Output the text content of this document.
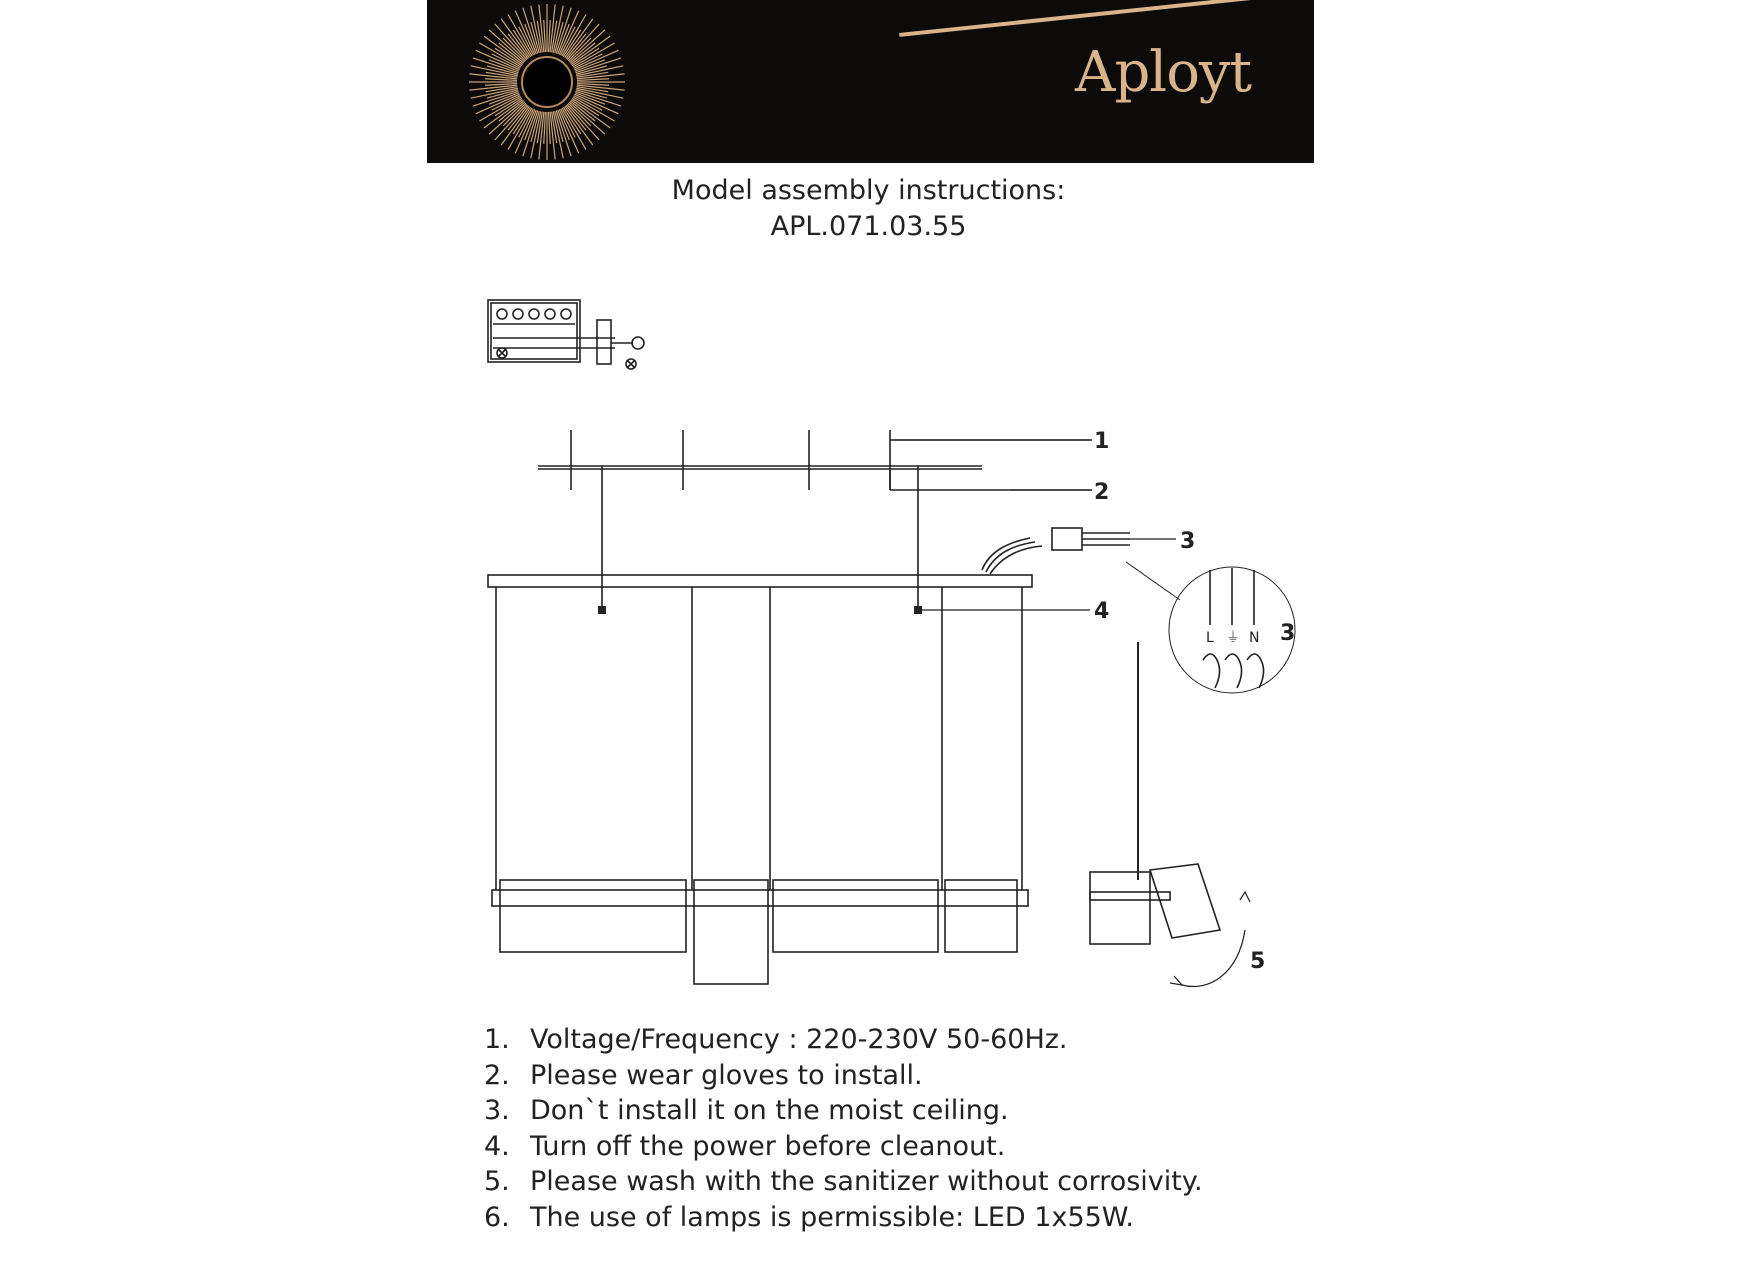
Aployt
Model assembly instructions:
APL.071.03.55
1
2
3
4
3
5
L ⏚ N
1. Voltage/Frequency : 220-230V 50-60Hz.
2. Please wear gloves to install.
3. Don`t install it on the moist ceiling.
4. Turn off the power before cleanout.
5. Please wash with the sanitizer without corrosivity.
6. The use of lamps is permissible: LED 1x55W.
